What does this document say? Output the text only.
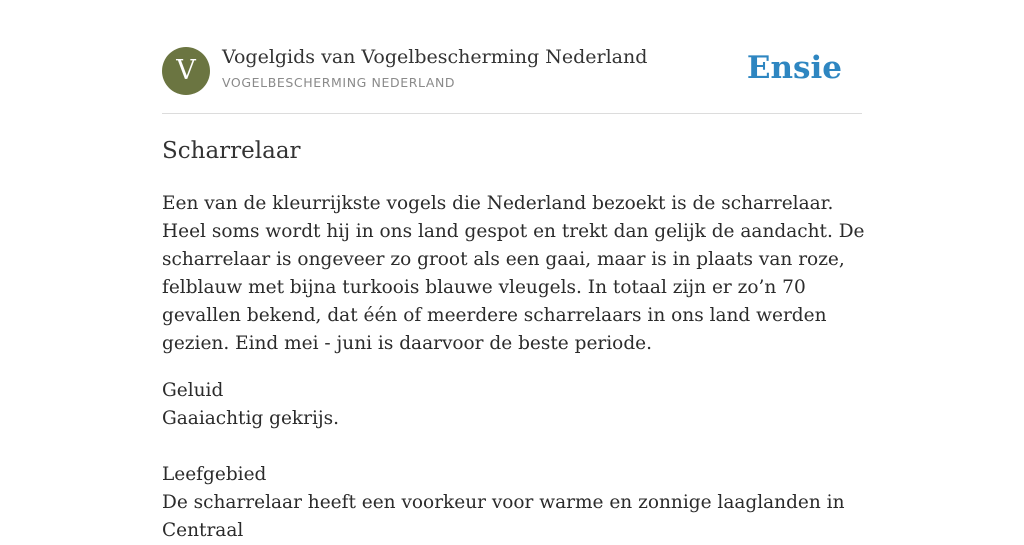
V	Vogelgids van Vogelbescherming Nederland
VOGELBESCHERMING NEDERLAND	Ensie
Scharrelaar

Een van de kleurrijkste vogels die Nederland bezoekt is de scharrelaar. Heel soms wordt hij in ons land gespot en trekt dan gelijk de aandacht. De scharrelaar is ongeveer zo groot als een gaai, maar is in plaats van roze, felblauw met bijna turkoois blauwe vleugels. In totaal zijn er zo’n 70 gevallen bekend, dat één of meerdere scharrelaars in ons land werden gezien. Eind mei - juni is daarvoor de beste periode.

Geluid

Gaaiachtig gekrijs.

Leefgebied

De scharrelaar heeft een voorkeur voor warme en zonnige laaglanden in Centraal
